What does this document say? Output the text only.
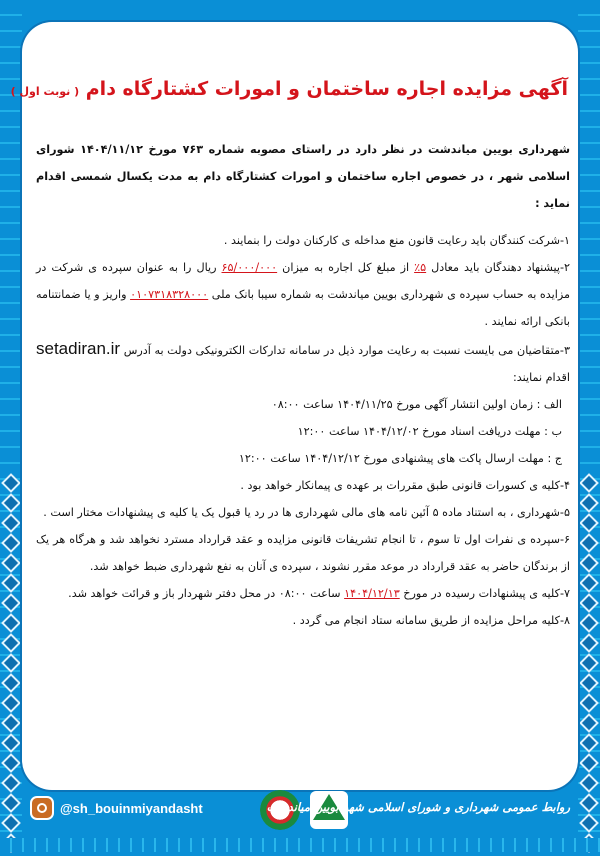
آگهی مزایده اجاره ساختمان و امورات کشتارگاه دام ( نوبت اول )

شهرداری بویین میاندشت در نظر دارد در راستای مصوبه شماره ۷۶۳ مورخ ۱۴۰۴/۱۱/۱۲ شورای اسلامی شهر ، در خصوص اجاره ساختمان و امورات کشتارگاه دام به مدت یکسال شمسی اقدام نماید :

۱-شرکت کنندگان باید رعایت قانون منع مداخله ی کارکنان دولت را بنمایند .

۲-پیشنهاد دهندگان باید معادل ۵٪ از مبلغ کل اجاره به میزان ۶۵/۰۰۰/۰۰۰ ریال را به عنوان سپرده ی شرکت در مزایده به حساب سپرده ی شهرداری بویین میاندشت به شماره سیبا بانک ملی ۰۱۰۷۳۱۸۳۲۸۰۰۰ واریز و یا ضمانتنامه بانکی ارائه نمایند .

۳-متقاضیان می بایست نسبت به رعایت موارد ذیل در سامانه تدارکات الکترونیکی دولت به آدرس setadiran.ir اقدام نمایند:

الف : زمان اولین انتشار آگهی مورخ ۱۴۰۴/۱۱/۲۵ ساعت ۰۸:۰۰

ب : مهلت دریافت اسناد مورخ ۱۴۰۴/۱۲/۰۲ ساعت ۱۲:۰۰

ج : مهلت ارسال پاکت های پیشنهادی مورخ ۱۴۰۴/۱۲/۱۲ ساعت ۱۲:۰۰

۴-کلیه ی کسورات قانونی طبق مقررات بر عهده ی پیمانکار خواهد بود .

۵-شهرداری ، به استناد ماده ۵ آئین نامه های مالی شهرداری ها در رد یا قبول یک یا کلیه ی پیشنهادات مختار است .

۶-سپرده ی نفرات اول تا سوم ، تا انجام تشریفات قانونی مزایده و عقد قرارداد مسترد نخواهد شد و هرگاه هر یک از برندگان حاضر به عقد قرارداد در موعد مقرر نشوند ، سپرده ی آنان به نفع شهرداری ضبط خواهد شد.

۷-کلیه ی پیشنهادات رسیده در مورخ ۱۴۰۴/۱۲/۱۳ ساعت ۰۸:۰۰ در محل دفتر شهردار باز و قرائت خواهد شد.

۸-کلیه مراحل مزایده از طریق سامانه ستاد انجام می گردد .

@sh_bouinmiyandasht	روابط عمومی شهرداری و شورای اسلامی شهر بویین میاندشت
